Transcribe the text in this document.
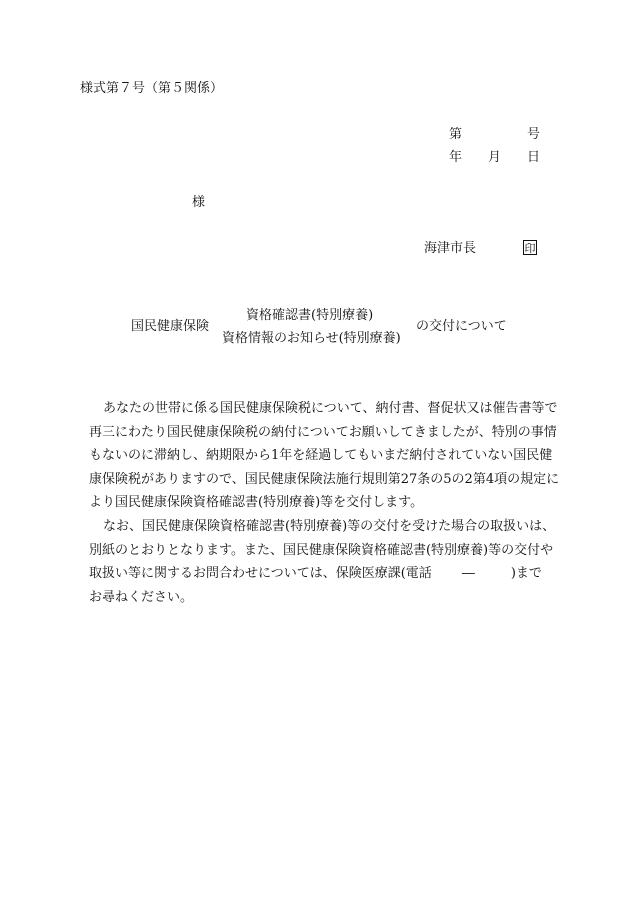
様式第７号（第５関係）
第	号
年 月 日
様
海津市長	印
国民健康保険
資格確認書(特別療養)
資格情報のお知らせ(特別療養)
の交付について
あなたの世帯に係る国民健康保険税について、納付書、督促状又は催告書等で
再三にわたり国民健康保険税の納付についてお願いしてきましたが、特別の事情
もないのに滞納し、納期限から1年を経過してもいまだ納付されていない国民健
康保険税がありますので、国民健康保険法施行規則第27条の5の2第4項の規定に
より国民健康保険資格確認書(特別療養)等を交付します。
なお、国民健康保険資格確認書(特別療養)等の交付を受けた場合の取扱いは、
別紙のとおりとなります。また、国民健康保険資格確認書(特別療養)等の交付や
取扱い等に関するお問合わせについては、保険医療課(電話 ―	)まで
お尋ねください。
